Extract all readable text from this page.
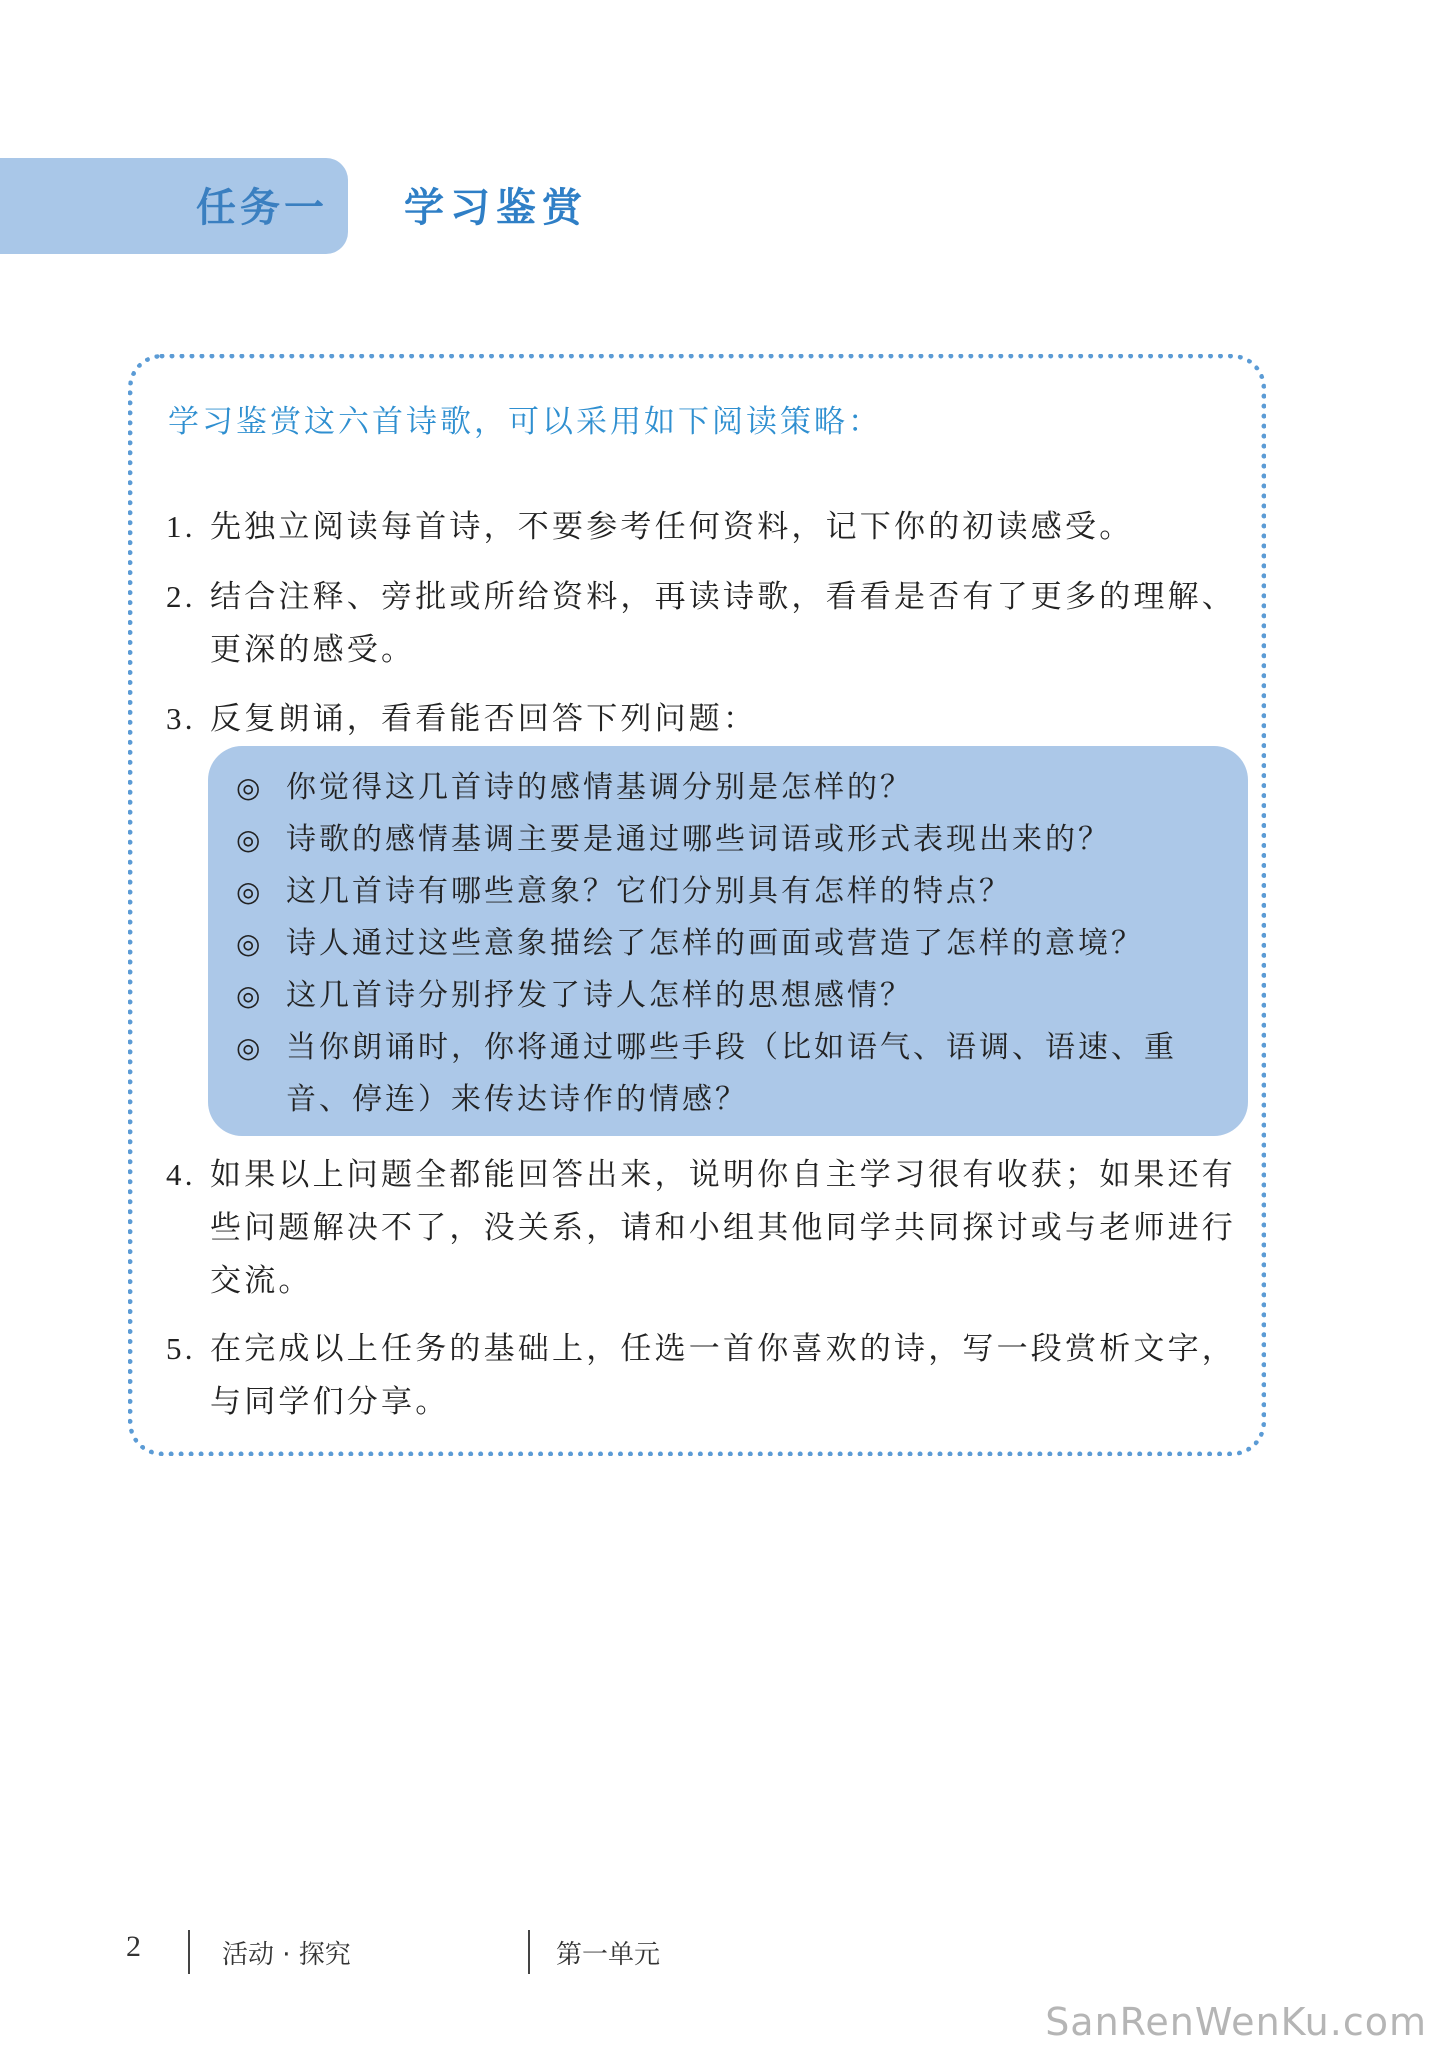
任务一 学习鉴赏
学习鉴赏这六首诗歌，可以采用如下阅读策略：
1. 先独立阅读每首诗，不要参考任何资料，记下你的初读感受。
2. 结合注释、旁批或所给资料，再读诗歌，看看是否有了更多的理解、
更深的感受。
3. 反复朗诵，看看能否回答下列问题：
◎ 你觉得这几首诗的感情基调分别是怎样的？
◎ 诗歌的感情基调主要是通过哪些词语或形式表现出来的？
◎ 这几首诗有哪些意象？它们分别具有怎样的特点？
◎ 诗人通过这些意象描绘了怎样的画面或营造了怎样的意境？
◎ 这几首诗分别抒发了诗人怎样的思想感情？
◎ 当你朗诵时，你将通过哪些手段（比如语气、语调、语速、重
音、停连）来传达诗作的情感？
4. 如果以上问题全都能回答出来，说明你自主学习很有收获；如果还有
些问题解决不了，没关系，请和小组其他同学共同探讨或与老师进行
交流。
5. 在完成以上任务的基础上，任选一首你喜欢的诗，写一段赏析文字，
与同学们分享。
2	活动 · 探究	第一单元
SanRenWenKu.com
